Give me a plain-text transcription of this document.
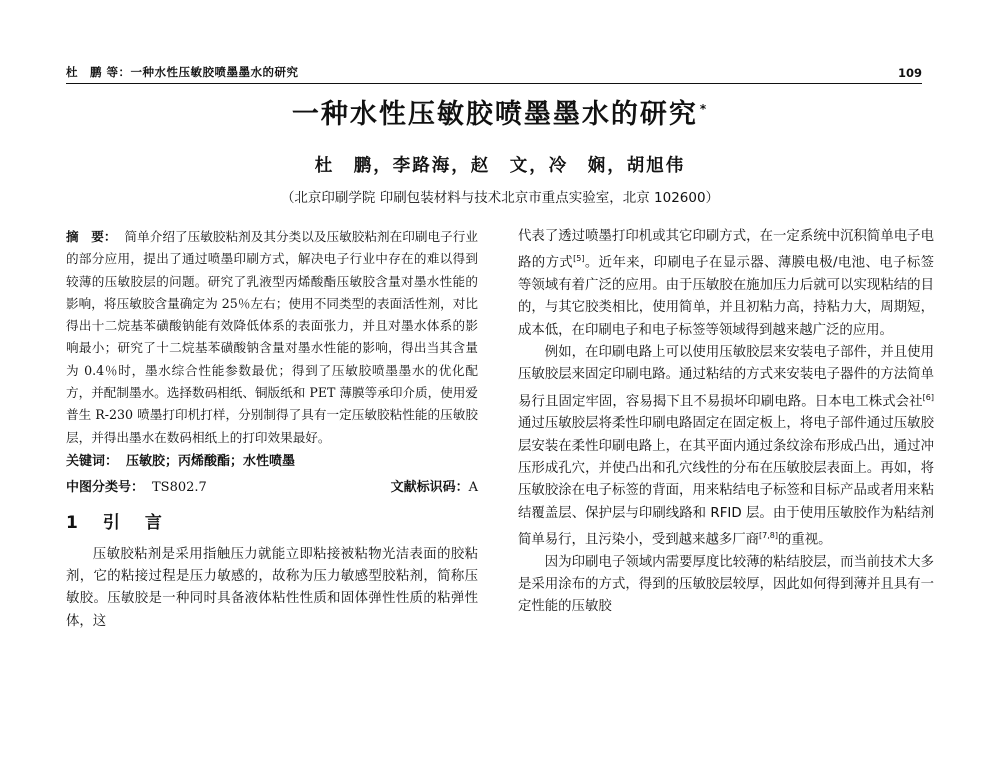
杜　鹏 等：一种水性压敏胶喷墨墨水的研究	109
一种水性压敏胶喷墨墨水的研究 *
杜　鹏，李路海，赵　文，冷　娴，胡旭伟
（北京印刷学院 印刷包装材料与技术北京市重点实验室，北京 102600）
摘　要： 简单介绍了压敏胶粘剂及其分类以及压敏胶粘剂在印刷电子行业的部分应用，提出了通过喷墨印刷方式，解决电子行业中存在的难以得到较薄的压敏胶层的问题。研究了乳液型丙烯酸酯压敏胶含量对墨水性能的影响，将压敏胶含量确定为 25％左右；使用不同类型的表面活性剂，对比得出十二烷基苯磺酸钠能有效降低体系的表面张力，并且对墨水体系的影响最小；研究了十二烷基苯磺酸钠含量对墨水性能的影响，得出当其含量为 0.4％时，墨水综合性能参数最优；得到了压敏胶喷墨墨水的优化配方，并配制墨水。选择数码相纸、铜版纸和 PET 薄膜等承印介质，使用爱普生 R-230 喷墨打印机打样，分别制得了具有一定压敏胶粘性能的压敏胶层，并得出墨水在数码相纸上的打印效果最好。
关键词： 压敏胶；丙烯酸酯；水性喷墨
中图分类号： TS802.7	文献标识码：A
1　 引　言

压敏胶粘剂是采用指触压力就能立即粘接被粘物光洁表面的胶粘剂，它的粘接过程是压力敏感的，故称为压力敏感型胶粘剂，简称压敏胶。压敏胶是一种同时具备液体粘性性质和固体弹性性质的粘弹性体，这

代表了透过喷墨打印机或其它印刷方式，在一定系统中沉积简单电子电路的方式[5]。近年来，印刷电子在显示器、薄膜电极/电池、电子标签等领域有着广泛的应用。由于压敏胶在施加压力后就可以实现粘结的目的，与其它胶类相比，使用简单，并且初粘力高，持粘力大，周期短，成本低，在印刷电子和电子标签等领域得到越来越广泛的应用。

例如，在印刷电路上可以使用压敏胶层来安装电子部件，并且使用压敏胶层来固定印刷电路。通过粘结的方式来安装电子器件的方法简单易行且固定牢固，容易揭下且不易损坏印刷电路。日本电工株式会社[6]通过压敏胶层将柔性印刷电路固定在固定板上，将电子部件通过压敏胶层安装在柔性印刷电路上，在其平面内通过条纹涂布形成凸出，通过冲压形成孔穴，并使凸出和孔穴线性的分布在压敏胶层表面上。再如，将压敏胶涂在电子标签的背面，用来粘结电子标签和目标产品或者用来粘结覆盖层、保护层与印刷线路和 RFID 层。由于使用压敏胶作为粘结剂简单易行，且污染小，受到越来越多厂商[7,8]的重视。

因为印刷电子领域内需要厚度比较薄的粘结胶层，而当前技术大多是采用涂布的方式，得到的压敏胶层较厚，因此如何得到薄并且具有一定性能的压敏胶
